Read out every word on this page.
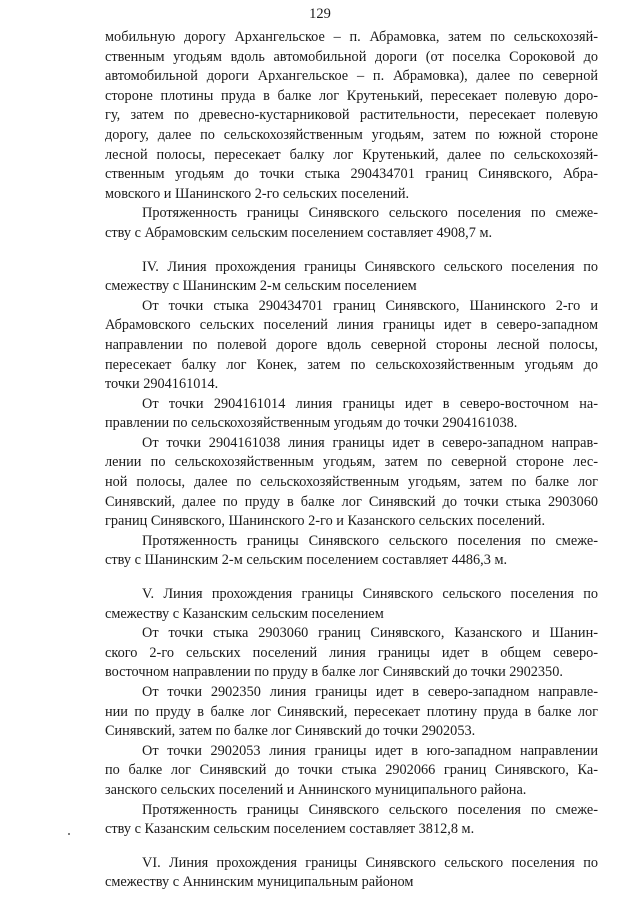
129
мобильную дорогу Архангельское – п. Абрамовка, затем по сельскохозяй-
ственным угодьям вдоль автомобильной дороги (от поселка Сороковой до
автомобильной дороги Архангельское – п. Абрамовка), далее по северной
стороне плотины пруда в балке лог Крутенький, пересекает полевую доро-
гу, затем по древесно-кустарниковой растительности, пересекает полевую
дорогу, далее по сельскохозяйственным угодьям, затем по южной стороне
лесной полосы, пересекает балку лог Крутенький, далее по сельскохозяй-
ственным угодьям до точки стыка 290434701 границ Синявского, Абра-
мовского и Шанинского 2-го сельских поселений.
Протяженность границы Синявского сельского поселения по смеже-
ству с Абрамовским сельским поселением составляет 4908,7 м.
IV. Линия прохождения границы Синявского сельского поселения по
смежеству с Шанинским 2-м сельским поселением
От точки стыка 290434701 границ Синявского, Шанинского 2-го и
Абрамовского сельских поселений линия границы идет в северо-западном
направлении по полевой дороге вдоль северной стороны лесной полосы,
пересекает балку лог Конек, затем по сельскохозяйственным угодьям до
точки 2904161014.
От точки 2904161014 линия границы идет в северо-восточном на-
правлении по сельскохозяйственным угодьям до точки 2904161038.
От точки 2904161038 линия границы идет в северо-западном направ-
лении по сельскохозяйственным угодьям, затем по северной стороне лес-
ной полосы, далее по сельскохозяйственным угодьям, затем по балке лог
Синявский, далее по пруду в балке лог Синявский до точки стыка 2903060
границ Синявского, Шанинского 2-го и Казанского сельских поселений.
Протяженность границы Синявского сельского поселения по смеже-
ству с Шанинским 2-м сельским поселением составляет 4486,3 м.
V. Линия прохождения границы Синявского сельского поселения по
смежеству с Казанским сельским поселением
От точки стыка 2903060 границ Синявского, Казанского и Шанин-
ского 2-го сельских поселений линия границы идет в общем северо-
восточном направлении по пруду в балке лог Синявский до точки 2902350.
От точки 2902350 линия границы идет в северо-западном направле-
нии по пруду в балке лог Синявский, пересекает плотину пруда в балке лог
Синявский, затем по балке лог Синявский до точки 2902053.
От точки 2902053 линия границы идет в юго-западном направлении
по балке лог Синявский до точки стыка 2902066 границ Синявского, Ка-
занского сельских поселений и Аннинского муниципального района.
Протяженность границы Синявского сельского поселения по смеже-
ству с Казанским сельским поселением составляет 3812,8 м.
VI. Линия прохождения границы Синявского сельского поселения по
смежеству с Аннинским муниципальным районом
